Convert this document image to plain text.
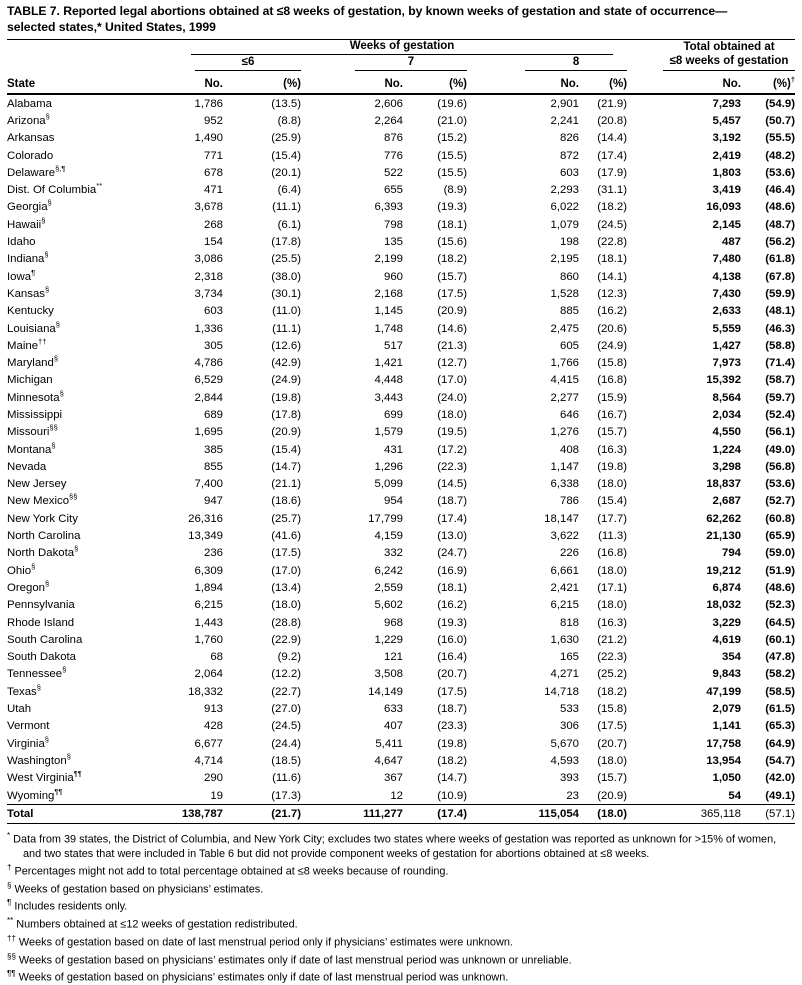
TABLE 7. Reported legal abortions obtained at ≤8 weeks of gestation, by known weeks of gestation and state of occurrence—
selected states,* United States, 1999

	Weeks of gestation						Total obtained at
≤8 weeks of gestation	

	≤6		7		8			

State	No.	(%)	No.	(%)	No.	(%)	No.	(%)†
Alabama	1,786	(13.5)	2,606	(19.6)	2,901	(21.9)	7,293	(54.9)
Arizona§	952	(8.8)	2,264	(21.0)	2,241	(20.8)	5,457	(50.7)
Arkansas	1,490	(25.9)	876	(15.2)	826	(14.4)	3,192	(55.5)
Colorado	771	(15.4)	776	(15.5)	872	(17.4)	2,419	(48.2)
Delaware§,¶	678	(20.1)	522	(15.5)	603	(17.9)	1,803	(53.6)
Dist. Of Columbia**	471	(6.4)	655	(8.9)	2,293	(31.1)	3,419	(46.4)
Georgia§	3,678	(11.1)	6,393	(19.3)	6,022	(18.2)	16,093	(48.6)
Hawaii§	268	(6.1)	798	(18.1)	1,079	(24.5)	2,145	(48.7)
Idaho	154	(17.8)	135	(15.6)	198	(22.8)	487	(56.2)
Indiana§	3,086	(25.5)	2,199	(18.2)	2,195	(18.1)	7,480	(61.8)
Iowa¶	2,318	(38.0)	960	(15.7)	860	(14.1)	4,138	(67.8)
Kansas§	3,734	(30.1)	2,168	(17.5)	1,528	(12.3)	7,430	(59.9)
Kentucky	603	(11.0)	1,145	(20.9)	885	(16.2)	2,633	(48.1)
Louisiana§	1,336	(11.1)	1,748	(14.6)	2,475	(20.6)	5,559	(46.3)
Maine††	305	(12.6)	517	(21.3)	605	(24.9)	1,427	(58.8)
Maryland§	4,786	(42.9)	1,421	(12.7)	1,766	(15.8)	7,973	(71.4)
Michigan	6,529	(24.9)	4,448	(17.0)	4,415	(16.8)	15,392	(58.7)
Minnesota§	2,844	(19.8)	3,443	(24.0)	2,277	(15.9)	8,564	(59.7)
Mississippi	689	(17.8)	699	(18.0)	646	(16.7)	2,034	(52.4)
Missouri§§	1,695	(20.9)	1,579	(19.5)	1,276	(15.7)	4,550	(56.1)
Montana§	385	(15.4)	431	(17.2)	408	(16.3)	1,224	(49.0)
Nevada	855	(14.7)	1,296	(22.3)	1,147	(19.8)	3,298	(56.8)
New Jersey	7,400	(21.1)	5,099	(14.5)	6,338	(18.0)	18,837	(53.6)
New Mexico§§	947	(18.6)	954	(18.7)	786	(15.4)	2,687	(52.7)
New York City	26,316	(25.7)	17,799	(17.4)	18,147	(17.7)	62,262	(60.8)
North Carolina	13,349	(41.6)	4,159	(13.0)	3,622	(11.3)	21,130	(65.9)
North Dakota§	236	(17.5)	332	(24.7)	226	(16.8)	794	(59.0)
Ohio§	6,309	(17.0)	6,242	(16.9)	6,661	(18.0)	19,212	(51.9)
Oregon§	1,894	(13.4)	2,559	(18.1)	2,421	(17.1)	6,874	(48.6)
Pennsylvania	6,215	(18.0)	5,602	(16.2)	6,215	(18.0)	18,032	(52.3)
Rhode Island	1,443	(28.8)	968	(19.3)	818	(16.3)	3,229	(64.5)
South Carolina	1,760	(22.9)	1,229	(16.0)	1,630	(21.2)	4,619	(60.1)
South Dakota	68	(9.2)	121	(16.4)	165	(22.3)	354	(47.8)
Tennessee§	2,064	(12.2)	3,508	(20.7)	4,271	(25.2)	9,843	(58.2)
Texas§	18,332	(22.7)	14,149	(17.5)	14,718	(18.2)	47,199	(58.5)
Utah	913	(27.0)	633	(18.7)	533	(15.8)	2,079	(61.5)
Vermont	428	(24.5)	407	(23.3)	306	(17.5)	1,141	(65.3)
Virginia§	6,677	(24.4)	5,411	(19.8)	5,670	(20.7)	17,758	(64.9)
Washington§	4,714	(18.5)	4,647	(18.2)	4,593	(18.0)	13,954	(54.7)
West Virginia¶¶	290	(11.6)	367	(14.7)	393	(15.7)	1,050	(42.0)
Wyoming¶¶	19	(17.3)	12	(10.9)	23	(20.9)	54	(49.1)
Total	138,787	(21.7)	111,277	(17.4)	115,054	(18.0)	365,118	(57.1)
* Data from 39 states, the District of Columbia, and New York City; excludes two states where weeks of gestation was reported as unknown for >15% of women, and two states that were included in Table 6 but did not provide component weeks of gestation for abortions obtained at ≤8 weeks.
† Percentages might not add to total percentage obtained at ≤8 weeks because of rounding.
§ Weeks of gestation based on physicians’ estimates.
¶ Includes residents only.
** Numbers obtained at ≤12 weeks of gestation redistributed.
†† Weeks of gestation based on date of last menstrual period only if physicians’ estimates were unknown.
§§ Weeks of gestation based on physicians’ estimates only if date of last menstrual period was unknown or unreliable.
¶¶ Weeks of gestation based on physicians’ estimates only if date of last menstrual period was unknown.
